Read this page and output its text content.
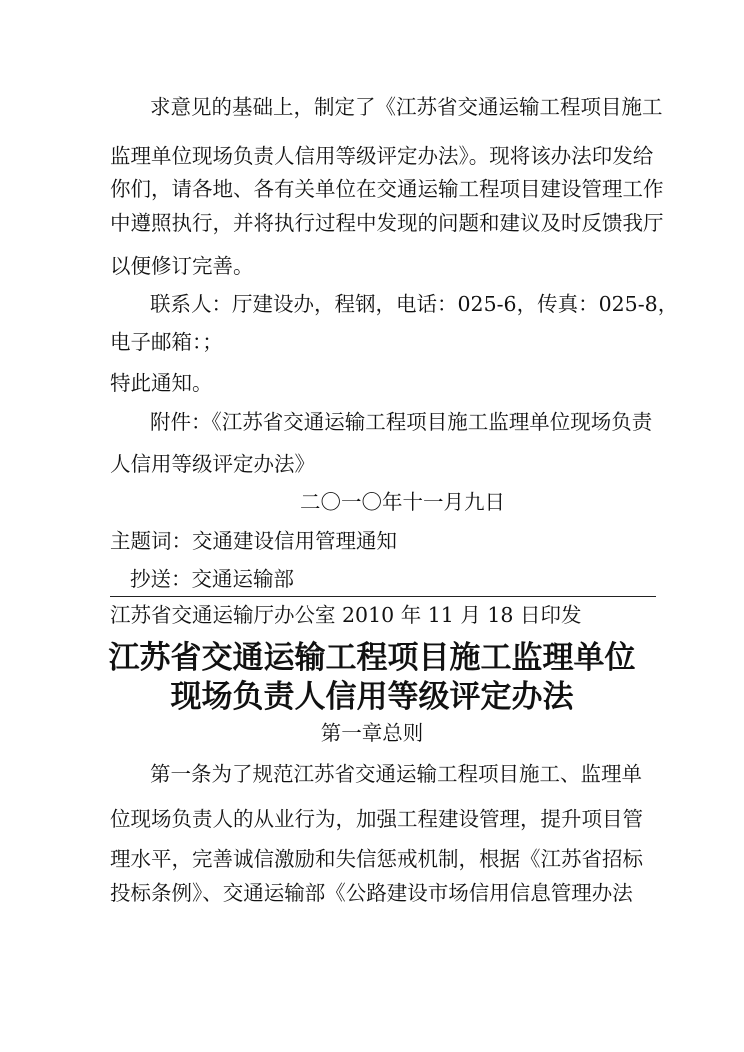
求意见的基础上，制定了《江苏省交通运输工程项目施工
监理单位现场负责人信用等级评定办法》。现将该办法印发给
你们，请各地、各有关单位在交通运输工程项目建设管理工作
中遵照执行，并将执行过程中发现的问题和建议及时反馈我厅
以便修订完善。
联系人：厅建设办，程钢，电话：025-6，传真：025-8，
电子邮箱：；
特此通知。
附件：《江苏省交通运输工程项目施工监理单位现场负责
人信用等级评定办法》
二〇一〇年十一月九日
主题词：交通建设信用管理通知
抄送：交通运输部
江苏省交通运输厅办公室 2010 年 11 月 18 日印发
江苏省交通运输工程项目施工监理单位
现场负责人信用等级评定办法
第一章总则
第一条为了规范江苏省交通运输工程项目施工、监理单
位现场负责人的从业行为，加强工程建设管理，提升项目管
理水平，完善诚信激励和失信惩戒机制，根据《江苏省招标
投标条例》、交通运输部《公路建设市场信用信息管理办法
